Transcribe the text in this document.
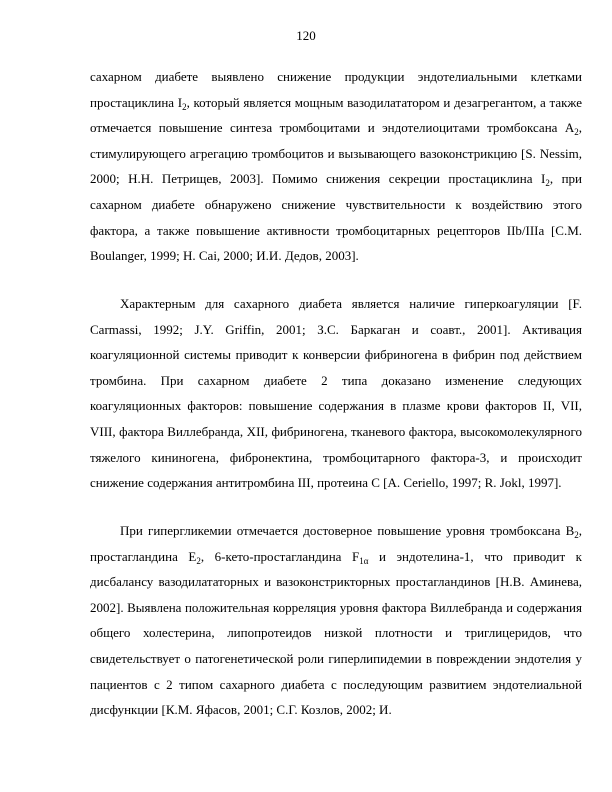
120

сахарном диабете выявлено снижение продукции эндотелиальными клетками простациклина $I_2$, который является мощным вазодилататором и дезагрегантом, а также отмечается повышение синтеза тромбоцитами и эндотелиоцитами тромбоксана $А_2$, стимулирующего агрегацию тромбоцитов и вызывающего вазоконстрикцию [S. Nessim, 2000; Н.Н. Петрищев, 2003]. Помимо снижения секреции простациклина $I_2$, при сахарном диабете обнаружено снижение чувствительности к воздействию этого фактора, а также повышение активности тромбоцитарных рецепторов IIb/IIIa [C.M. Boulanger, 1999; H. Cai, 2000; И.И. Дедов, 2003].

Характерным для сахарного диабета является наличие гиперкоагуляции [F. Carmassi, 1992; J.Y. Griffin, 2001; З.С. Баркаган и соавт., 2001]. Активация коагуляционной системы приводит к конверсии фибриногена в фибрин под действием тромбина. При сахарном диабете 2 типа доказано изменение следующих коагуляционных факторов: повышение содержания в плазме крови факторов II, VII, VIII, фактора Виллебранда, XII, фибриногена, тканевого фактора, высокомолекулярного тяжелого кининогена, фибронектина, тромбоцитарного фактора-3, и происходит снижение содержания антитромбина III, протеина С [A. Ceriello, 1997; R. Jokl, 1997].

При гипергликемии отмечается достоверное повышение уровня тромбоксана $B_2$, простагландина $Е_2$, 6-кето-простагландина $F_{1\alpha}$ и эндотелина-1, что приводит к дисбалансу вазодилататорных и вазоконстрикторных простагландинов [Н.В. Аминева, 2002]. Выявлена положительная корреляция уровня фактора Виллебранда и содержания общего холестерина, липопротеидов низкой плотности и триглицеридов, что свидетельствует о патогенетической роли гиперлипидемии в повреждении эндотелия у пациентов с 2 типом сахарного диабета с последующим развитием эндотелиальной дисфункции [К.М. Яфасов, 2001; С.Г. Козлов, 2002; И.
